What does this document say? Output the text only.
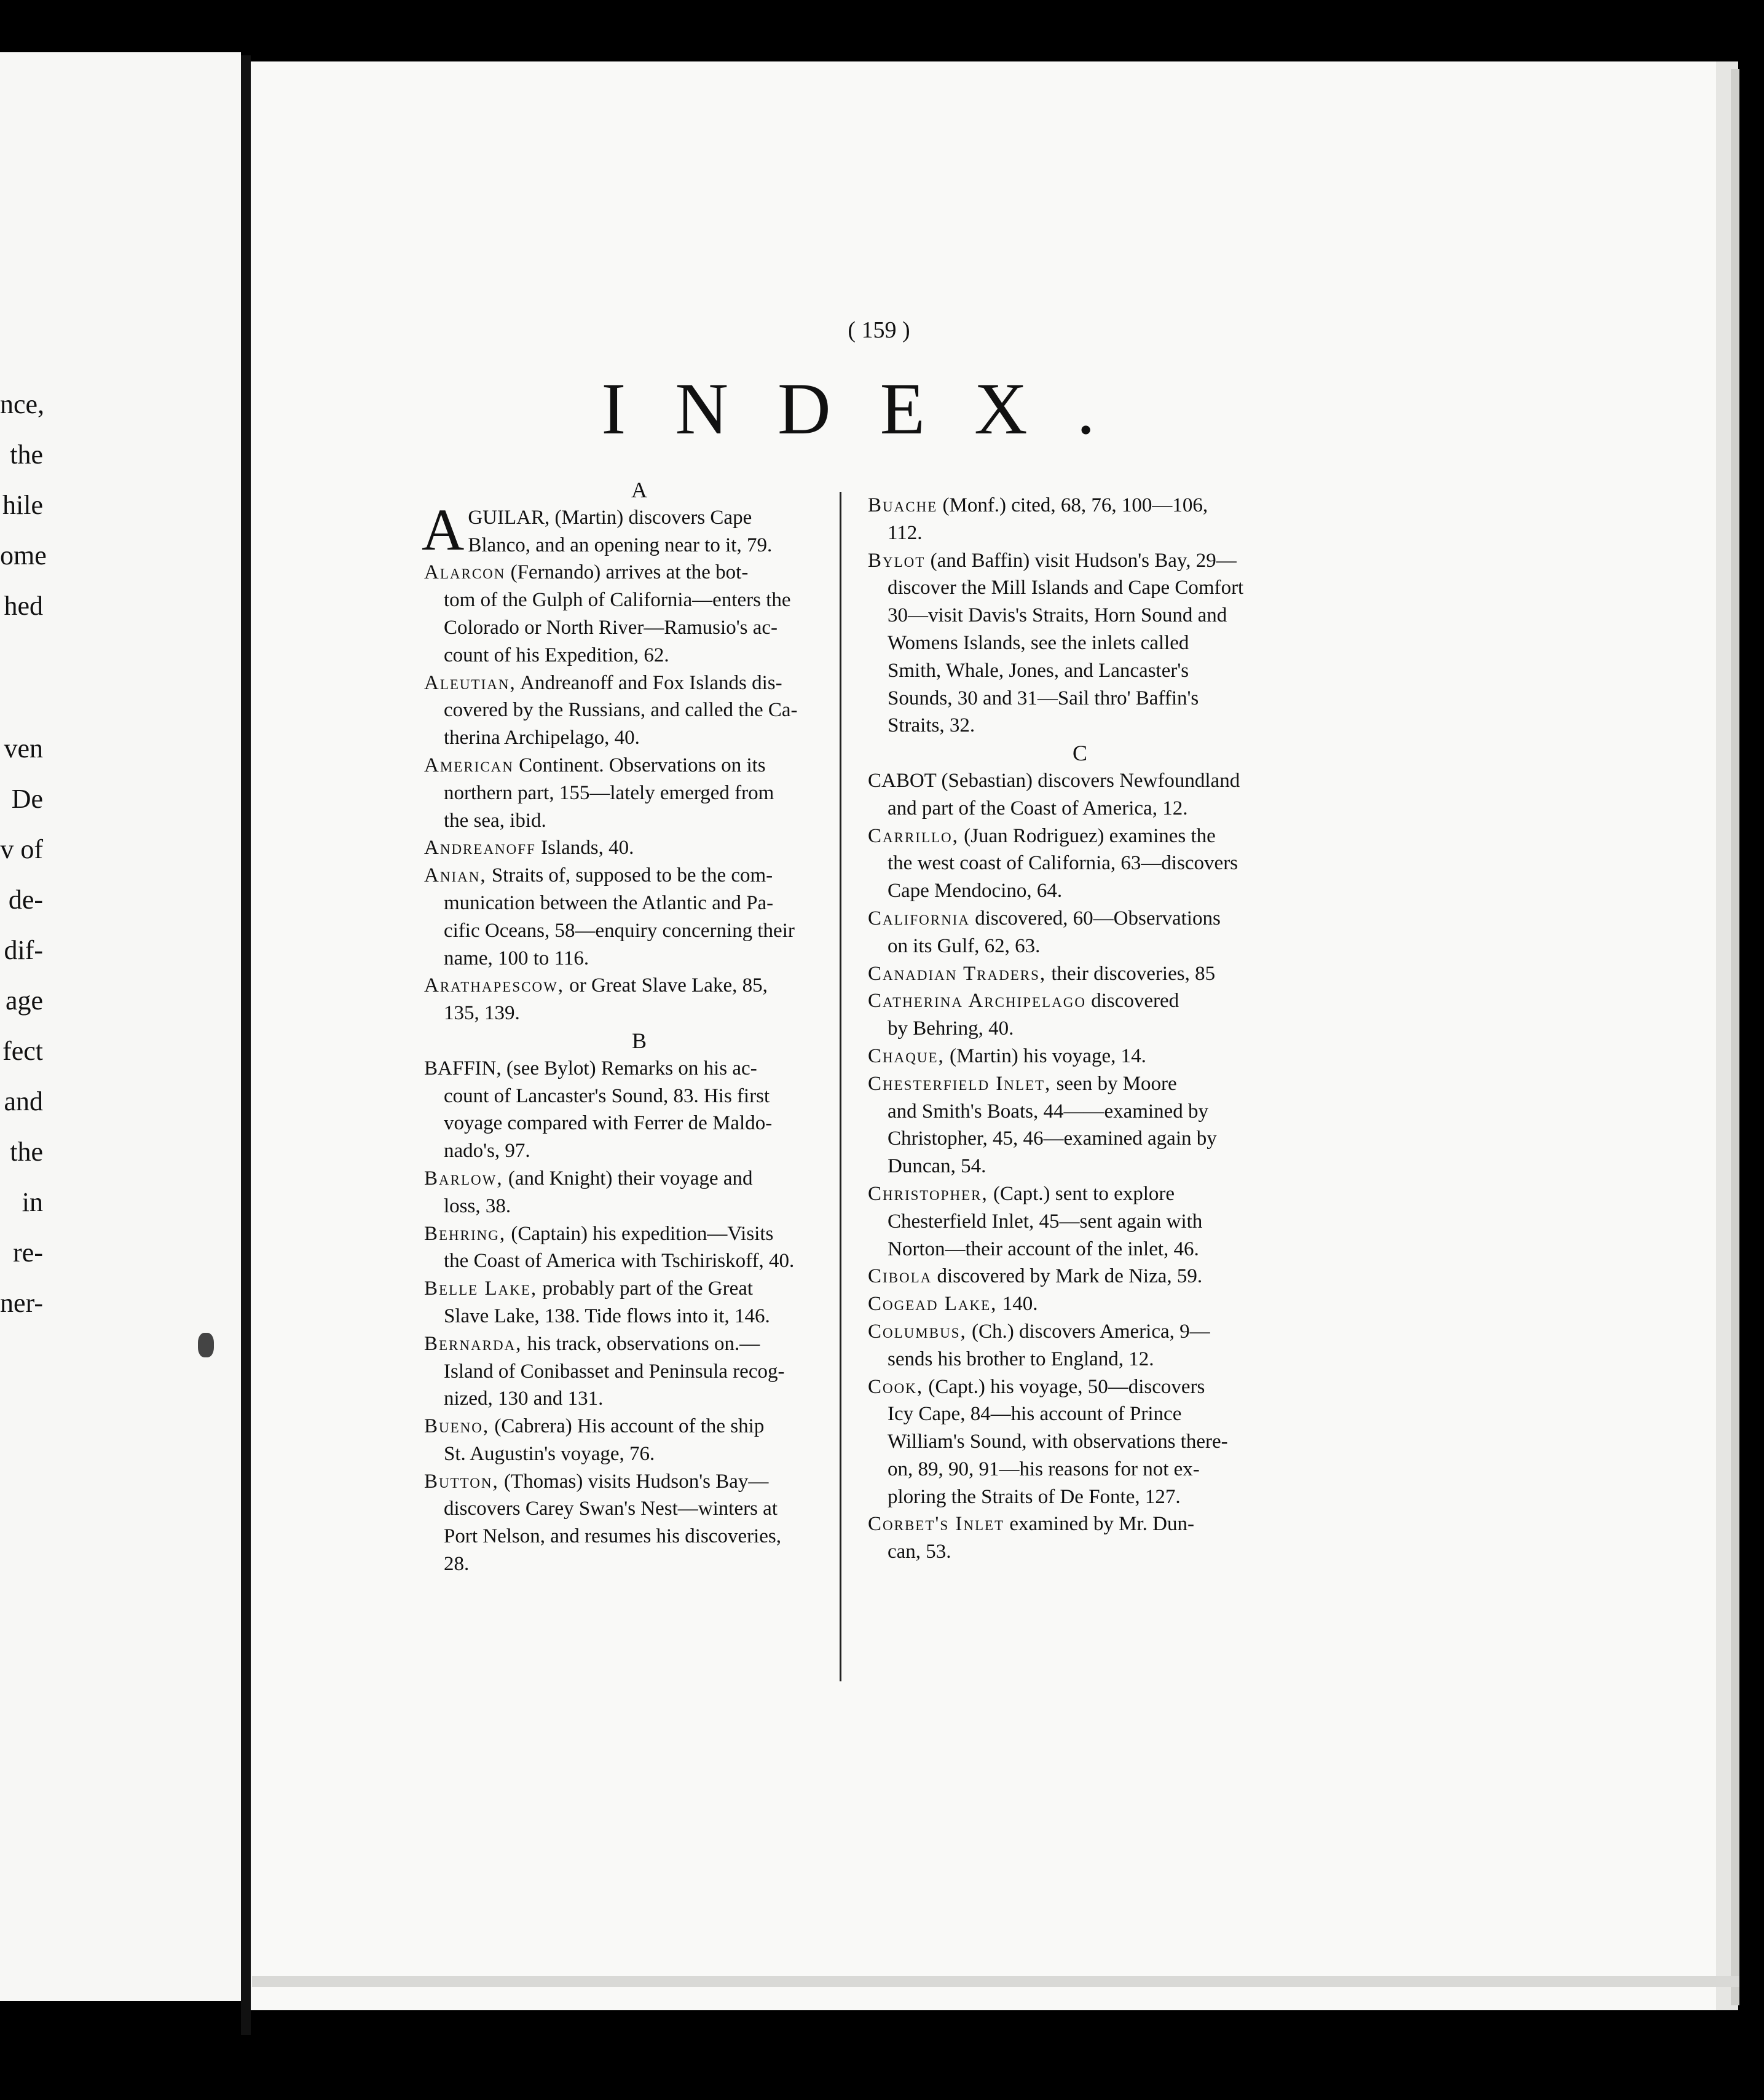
nce,
the
hile
ome
hed
ven
De
v of
de-
dif-
age
fect
and
the
in
re-
ner-
( 159 )
INDEX.
A
A GUILAR, (Martin) discovers Cape
Blanco, and an opening near to it, 79.
Alarcon (Fernando) arrives at the bot-
tom of the Gulph of California—enters the
Colorado or North River—Ramusio's ac-
count of his Expedition, 62.
Aleutian, Andreanoff and Fox Islands dis-
covered by the Russians, and called the Ca-
therina Archipelago, 40.
American Continent. Observations on its
northern part, 155—lately emerged from
the sea, ibid.
Andreanoff Islands, 40.
Anian, Straits of, supposed to be the com-
munication between the Atlantic and Pa-
cific Oceans, 58—enquiry concerning their
name, 100 to 116.
Arathapescow, or Great Slave Lake, 85,
135, 139.
B
BAFFIN, (see Bylot) Remarks on his ac-
count of Lancaster's Sound, 83. His first
voyage compared with Ferrer de Maldo-
nado's, 97.
Barlow, (and Knight) their voyage and
loss, 38.
Behring, (Captain) his expedition—Visits
the Coast of America with Tschiriskoff, 40.
Belle Lake, probably part of the Great
Slave Lake, 138. Tide flows into it, 146.
Bernarda, his track, observations on.—
Island of Conibasset and Peninsula recog-
nized, 130 and 131.
Bueno, (Cabrera) His account of the ship
St. Augustin's voyage, 76.
Button, (Thomas) visits Hudson's Bay—
discovers Carey Swan's Nest—winters at
Port Nelson, and resumes his discoveries,
28.
Buache (Monf.) cited, 68, 76, 100—106,
112.
Bylot (and Baffin) visit Hudson's Bay, 29—
discover the Mill Islands and Cape Comfort
30—visit Davis's Straits, Horn Sound and
Womens Islands, see the inlets called
Smith, Whale, Jones, and Lancaster's
Sounds, 30 and 31—Sail thro' Baffin's
Straits, 32.
C
CABOT (Sebastian) discovers Newfoundland
and part of the Coast of America, 12.
Carrillo, (Juan Rodriguez) examines the
the west coast of California, 63—discovers
Cape Mendocino, 64.
California discovered, 60—Observations
on its Gulf, 62, 63.
Canadian Traders, their discoveries, 85
Catherina Archipelago discovered
by Behring, 40.
Chaque, (Martin) his voyage, 14.
Chesterfield Inlet, seen by Moore
and Smith's Boats, 44——examined by
Christopher, 45, 46—examined again by
Duncan, 54.
Christopher, (Capt.) sent to explore
Chesterfield Inlet, 45—sent again with
Norton—their account of the inlet, 46.
Cibola discovered by Mark de Niza, 59.
Cogead Lake, 140.
Columbus, (Ch.) discovers America, 9—
sends his brother to England, 12.
Cook, (Capt.) his voyage, 50—discovers
Icy Cape, 84—his account of Prince
William's Sound, with observations there-
on, 89, 90, 91—his reasons for not ex-
ploring the Straits of De Fonte, 127.
Corbet's Inlet examined by Mr. Dun-
can, 53.
